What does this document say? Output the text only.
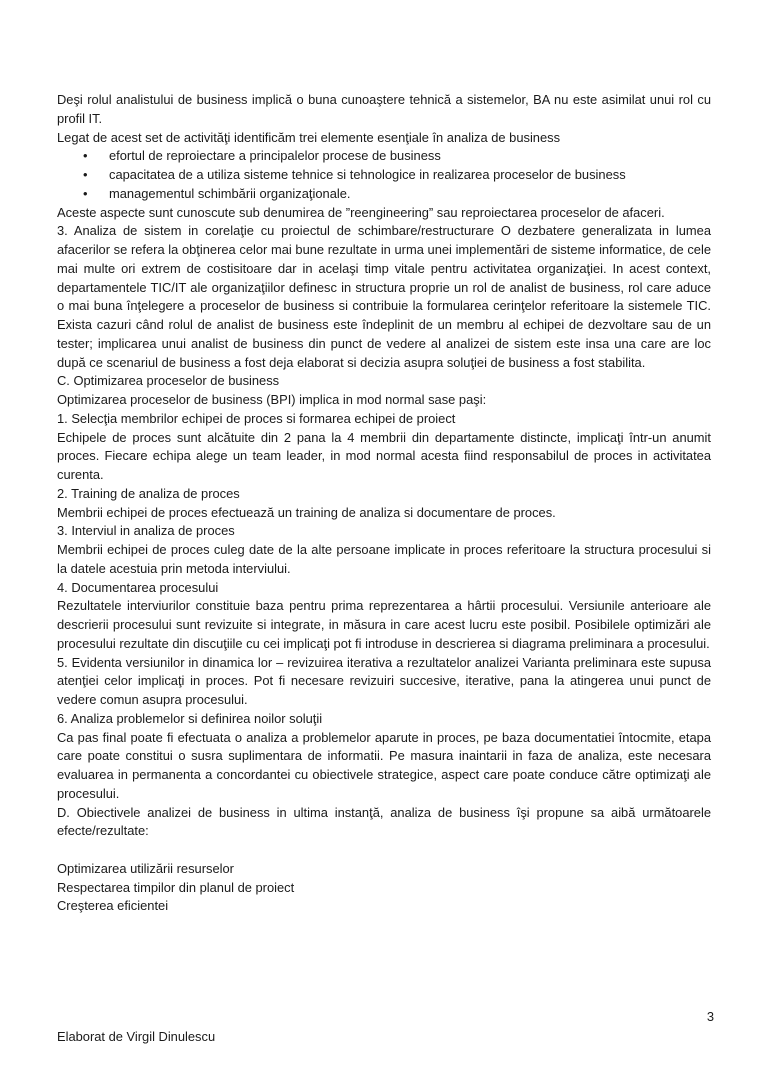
Deşi rolul analistului de business implică o buna cunoaştere tehnică a sistemelor, BA nu este asimilat unui rol cu profil IT.

Legat de acest set de activităţi identificăm trei elemente esenţiale în analiza de business

• efortul de reproiectare a principalelor procese de business
• capacitatea de a utiliza sisteme tehnice si tehnologice in realizarea proceselor de business
• managementul schimbării organizaţionale.

Aceste aspecte sunt cunoscute sub denumirea de ”reengineering” sau reproiectarea proceselor de afaceri.

3. Analiza de sistem in corelaţie cu proiectul de schimbare/restructurare O dezbatere generalizata in lumea afacerilor se refera la obţinerea celor mai bune rezultate in urma unei implementări de sisteme informatice, de cele mai multe ori extrem de costisitoare dar in acelaşi timp vitale pentru activitatea organizaţiei. In acest context, departamentele TIC/IT ale organizaţiilor definesc in structura proprie un rol de analist de business, rol care aduce o mai buna înţelegere a proceselor de business si contribuie la formularea cerinţelor referitoare la sistemele TIC. Exista cazuri când rolul de analist de business este îndeplinit de un membru al echipei de dezvoltare sau de un tester; implicarea unui analist de business din punct de vedere al analizei de sistem este insa una care are loc după ce scenariul de business a fost deja elaborat si decizia asupra soluţiei de business a fost stabilita.

C. Optimizarea proceselor de business

Optimizarea proceselor de business (BPI) implica in mod normal sase paşi:

1. Selecţia membrilor echipei de proces si formarea echipei de proiect

Echipele de proces sunt alcătuite din 2 pana la 4 membrii din departamente distincte, implicaţi într-un anumit proces. Fiecare echipa alege un team leader, in mod normal acesta fiind responsabilul de proces in activitatea curenta.

2. Training de analiza de proces

Membrii echipei de proces efectuează un training de analiza si documentare de proces.

3. Interviul in analiza de proces

Membrii echipei de proces culeg date de la alte persoane implicate in proces referitoare la structura procesului si la datele acestuia prin metoda interviului.

4. Documentarea procesului

Rezultatele interviurilor constituie baza pentru prima reprezentarea a hârtii procesului. Versiunile anterioare ale descrierii procesului sunt revizuite si integrate, in măsura in care acest lucru este posibil. Posibilele optimizări ale procesului rezultate din discuţiile cu cei implicaţi pot fi introduse in descrierea si diagrama preliminara a procesului.

5. Evidenta versiunilor in dinamica lor – revizuirea iterativa a rezultatelor analizei Varianta preliminara este supusa atenţiei celor implicaţi in proces. Pot fi necesare revizuiri succesive, iterative, pana la atingerea unui punct de vedere comun asupra procesului.

6. Analiza problemelor si definirea noilor soluţii

Ca pas final poate fi efectuata o analiza a problemelor aparute in proces, pe baza documentatiei întocmite, etapa care poate constitui o susra suplimentara de informatii. Pe masura inaintarii in faza de analiza, este necesara evaluarea in permanenta a concordantei cu obiectivele strategice, aspect care poate conduce către optimizaţi ale procesului.

D. Obiectivele analizei de business in ultima instanţă, analiza de business îşi propune sa aibă următoarele efecte/rezultate:

Optimizarea utilizării resurselor

Respectarea timpilor din planul de proiect

Creşterea eficientei

3
Elaborat de Virgil Dinulescu
